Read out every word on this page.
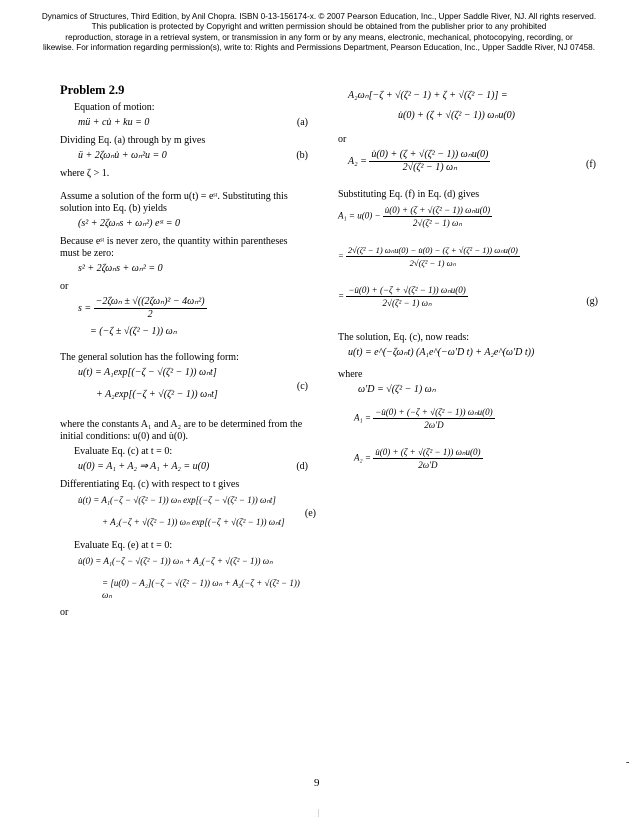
Dynamics of Structures, Third Edition, by Anil Chopra. ISBN 0-13-156174-x. © 2007 Pearson Education, Inc., Upper Saddle River, NJ. All rights reserved.
This publication is protected by Copyright and written permission should be obtained from the publisher prior to any prohibited
reproduction, storage in a retrieval system, or transmission in any form or by any means, electronic, mechanical, photocopying, recording, or
likewise. For information regarding permission(s), write to: Rights and Permissions Department, Pearson Education, Inc., Upper Saddle River, NJ 07458.
Problem 2.9
Equation of motion:
mü + cu̇ + ku = 0	(a)
Dividing Eq. (a) through by m gives
ü + 2ζωₙu̇ + ωₙ²u = 0	(b)
where ζ > 1.
Assume a solution of the form u(t) = eˢᵗ. Substituting this solution into Eq. (b) yields
(s² + 2ζωₙs + ωₙ²) eˢᵗ = 0
Because eˢᵗ is never zero, the quantity within parentheses must be zero:
s² + 2ζωₙs + ωₙ² = 0
or
$s = \frac{\text{−2ζωₙ ± √((2ζωₙ)² − 4ωₙ²)}}{2}$
= (−ζ ± √(ζ² − 1)) ωₙ
The general solution has the following form:
u(t) = A₁exp[(−ζ − √(ζ² − 1)) ωₙt]
+ A₂exp[(−ζ + √(ζ² − 1)) ωₙt]
(c)
where the constants A₁ and A₂ are to be determined from the initial conditions: u(0) and u̇(0).
Evaluate Eq. (c) at t = 0:
u(0) = A₁ + A₂ ⇒ A₁ + A₂ = u(0)	(d)
Differentiating Eq. (c) with respect to t gives
u̇(t) = A₁(−ζ − √(ζ² − 1)) ωₙ exp[(−ζ − √(ζ² − 1)) ωₙt]
+ A₂(−ζ + √(ζ² − 1)) ωₙ exp[(−ζ + √(ζ² − 1)) ωₙt]
(e)
Evaluate Eq. (e) at t = 0:
u̇(0) = A₁(−ζ − √(ζ² − 1)) ωₙ + A₂(−ζ + √(ζ² − 1)) ωₙ
= [u(0) − A₂](−ζ − √(ζ² − 1)) ωₙ + A₂(−ζ + √(ζ² − 1)) ωₙ
or
A₂ωₙ[−ζ + √(ζ² − 1) + ζ + √(ζ² − 1)] =
u̇(0) + (ζ + √(ζ² − 1)) ωₙu(0)
or
$A_2 = \frac{\text{u̇(0) + (ζ + √(ζ² − 1)) ωₙu(0)}}{\text{2√(ζ² − 1) ωₙ}}$	(f)
Substituting Eq. (f) in Eq. (d) gives
$A_1 = u(0) - \frac{\text{u̇(0) + (ζ + √(ζ² − 1)) ωₙu(0)}}{\text{2√(ζ² − 1) ωₙ}}$
= $\frac{\text{2√(ζ² − 1) ωₙu(0) − u̇(0) − (ζ + √(ζ² − 1)) ωₙu(0)}}{\text{2√(ζ² − 1) ωₙ}}$
= $\frac{\text{−u̇(0) + (−ζ + √(ζ² − 1)) ωₙu(0)}}{\text{2√(ζ² − 1) ωₙ}}$	(g)
The solution, Eq. (c), now reads:
u(t) = e^(−ζωₙt) (A₁e^(−ω′D t) + A₂e^(ω′D t))
where
ω′D = √(ζ² − 1) ωₙ
$A_1 = \frac{\text{−u̇(0) + (−ζ + √(ζ² − 1)) ωₙu(0)}}{2\omega'D}$
$A_2 = \frac{\text{u̇(0) + (ζ + √(ζ² − 1)) ωₙu(0)}}{2\omega'D}$
9
-
|
